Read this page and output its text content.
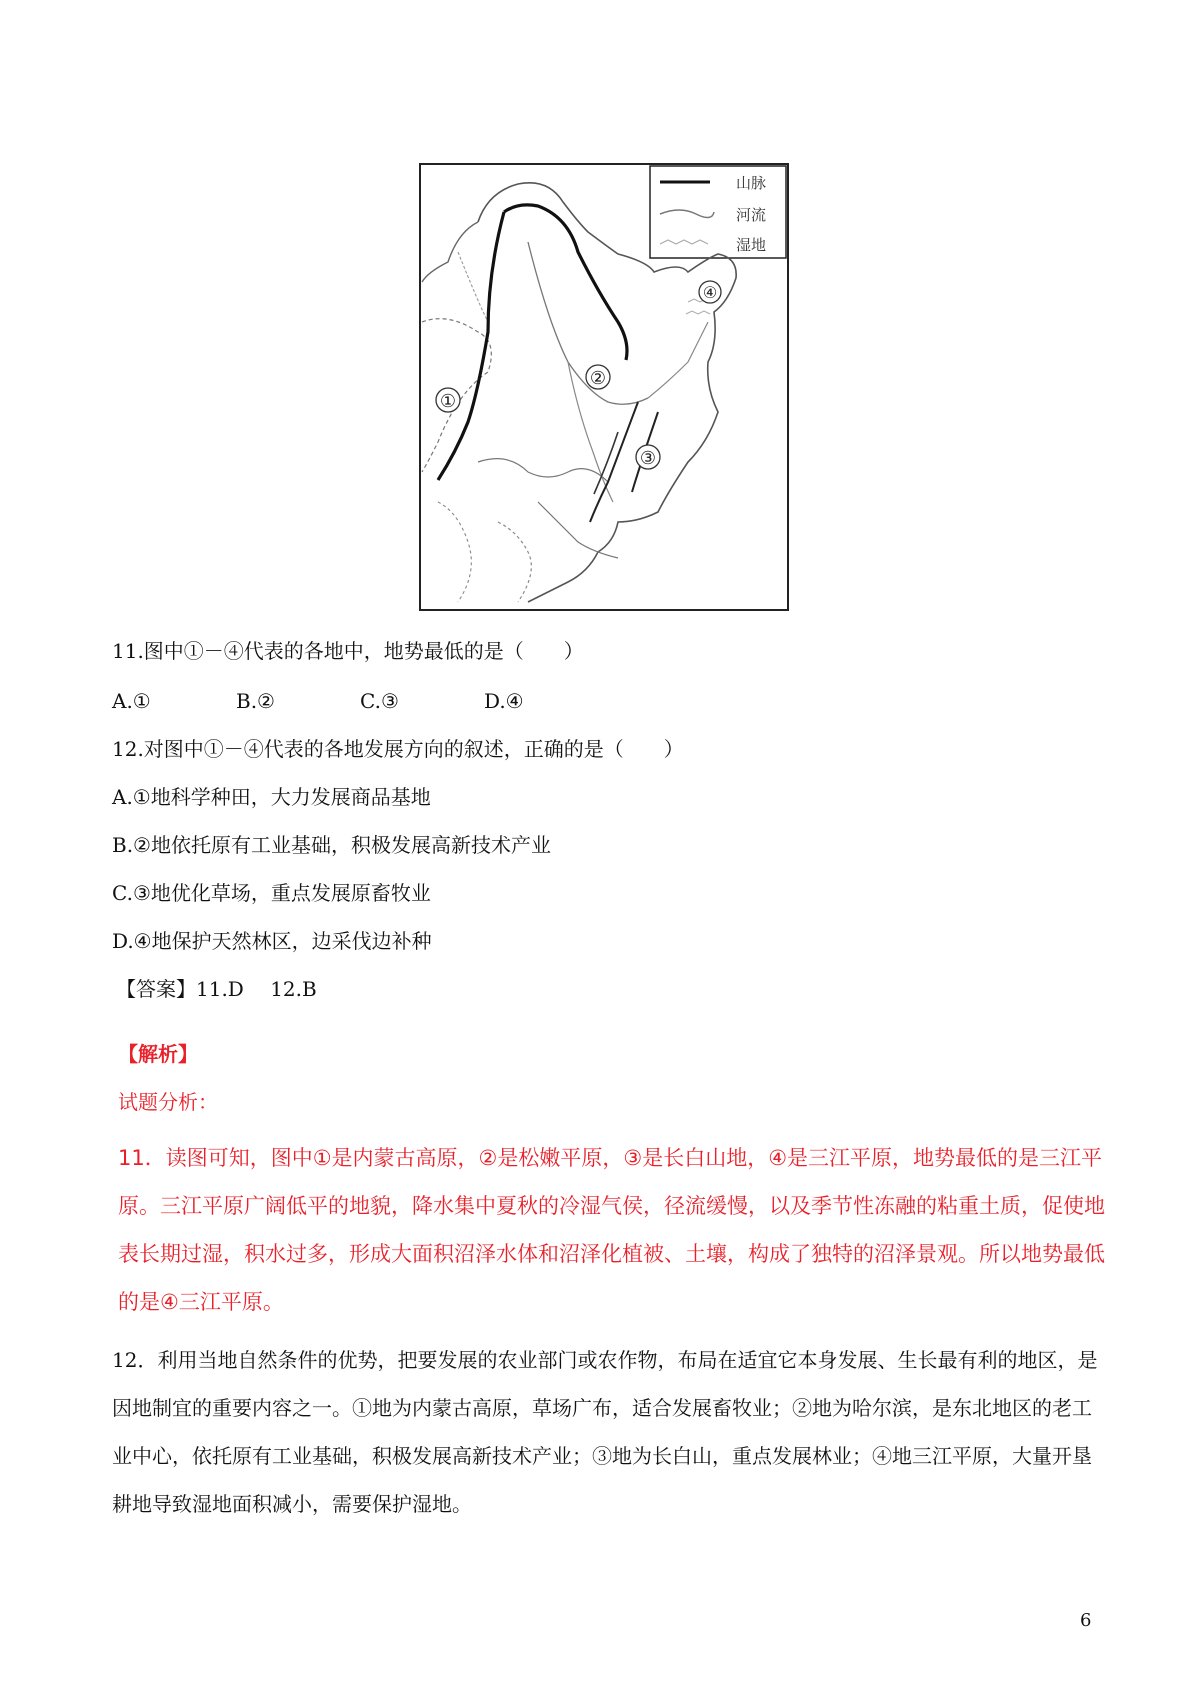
山脉
河流
湿地
①
②
③
④
11.图中①－④代表的各地中，地势最低的是（　　）
A.①	B.②	C.③	D.④
12.对图中①－④代表的各地发展方向的叙述，正确的是（　　）
A.①地科学种田，大力发展商品基地
B.②地依托原有工业基础，积极发展高新技术产业
C.③地优化草场，重点发展原畜牧业
D.④地保护天然林区，边采伐边补种
【答案】11.D　 12.B
【解析】
试题分析：
11．读图可知，图中①是内蒙古高原，②是松嫩平原，③是长白山地，④是三江平原，地势最低的是三江平原。三江平原广阔低平的地貌，降水集中夏秋的冷湿气侯，径流缓慢，以及季节性冻融的粘重土质，促使地表长期过湿，积水过多，形成大面积沼泽水体和沼泽化植被、土壤，构成了独特的沼泽景观。所以地势最低的是④三江平原。
12．利用当地自然条件的优势，把要发展的农业部门或农作物，布局在适宜它本身发展、生长最有利的地区，是因地制宜的重要内容之一。①地为内蒙古高原，草场广布，适合发展畜牧业；②地为哈尔滨，是东北地区的老工业中心，依托原有工业基础，积极发展高新技术产业；③地为长白山，重点发展林业；④地三江平原，大量开垦耕地导致湿地面积减小，需要保护湿地。
6
